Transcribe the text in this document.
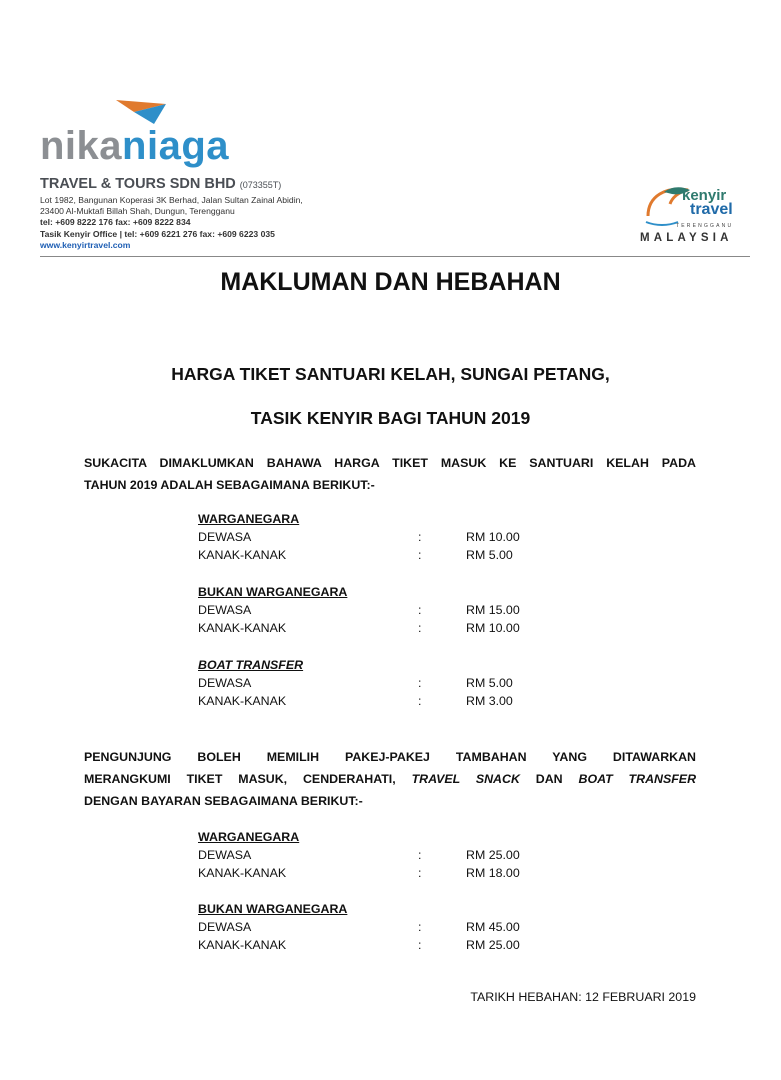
nikaniaga
TRAVEL & TOURS SDN BHD (073355T)
Lot 1982, Bangunan Koperasi 3K Berhad, Jalan Sultan Zainal Abidin,
23400 Al-Muktafi Billah Shah, Dungun, Terengganu
tel: +609 8222 176 fax: +609 8222 834
Tasik Kenyir Office | tel: +609 6221 276 fax: +609 6223 035
www.kenyirtravel.com
kenyir
travel
TERENGGANU
MALAYSIA
MAKLUMAN DAN HEBAHAN
HARGA TIKET SANTUARI KELAH, SUNGAI PETANG,
TASIK KENYIR BAGI TAHUN 2019
SUKACITA DIMAKLUMKAN BAHAWA HARGA TIKET MASUK KE SANTUARI KELAH PADA
TAHUN 2019 ADALAH SEBAGAIMANA BERIKUT:-
WARGANEGARA
DEWASA	:	RM 10.00
KANAK-KANAK	:	RM 5.00
BUKAN WARGANEGARA
DEWASA	:	RM 15.00
KANAK-KANAK	:	RM 10.00
BOAT TRANSFER
DEWASA	:	RM 5.00
KANAK-KANAK	:	RM 3.00
PENGUNJUNG BOLEH MEMILIH PAKEJ-PAKEJ TAMBAHAN YANG DITAWARKAN
MERANGKUMI TIKET MASUK, CENDERAHATI, TRAVEL SNACK DAN BOAT TRANSFER
DENGAN BAYARAN SEBAGAIMANA BERIKUT:-
WARGANEGARA
DEWASA	:	RM 25.00
KANAK-KANAK	:	RM 18.00
BUKAN WARGANEGARA
DEWASA	:	RM 45.00
KANAK-KANAK	:	RM 25.00
TARIKH HEBAHAN: 12 FEBRUARI 2019
